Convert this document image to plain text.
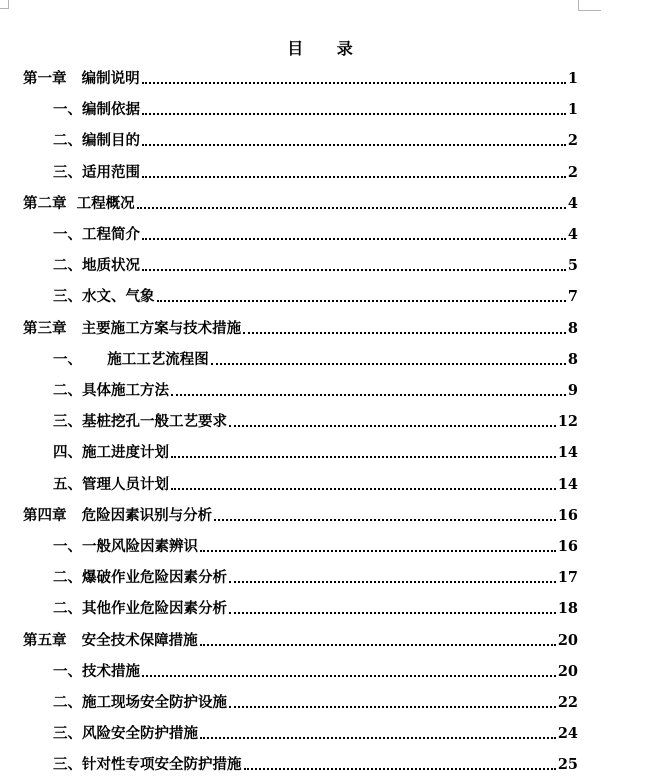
目 录
第一章   编制说明	1
一、编制依据	1
二、编制目的	2
三、适用范围	2
第二章  工程概况	4
一、工程简介	4
二、地质状况	5
三、水文、气象	7
第三章   主要施工方案与技术措施	8
一、     施工工艺流程图	8
二、具体施工方法	9
三、基桩挖孔一般工艺要求	12
四、施工进度计划	14
五、管理人员计划	14
第四章   危险因素识别与分析	16
一、一般风险因素辨识	16
二、爆破作业危险因素分析	17
二、其他作业危险因素分析	18
第五章   安全技术保障措施	20
一、技术措施	20
二、施工现场安全防护设施	22
三、风险安全防护措施	24
三、针对性专项安全防护措施	25
